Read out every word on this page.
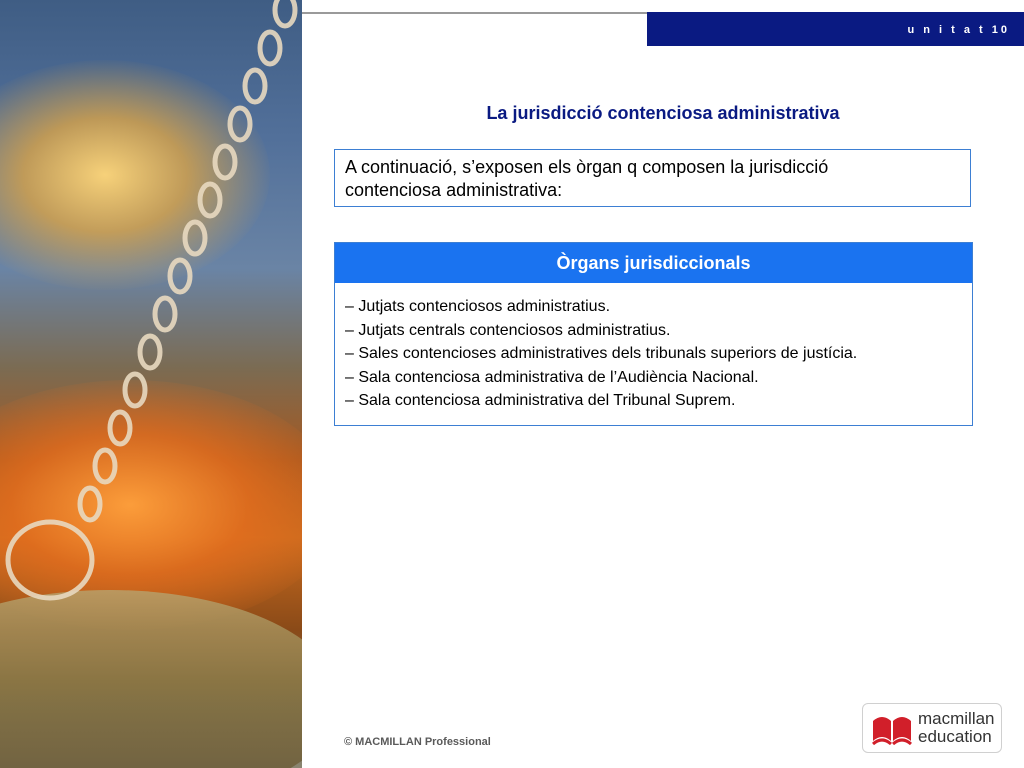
u n i t a t 10
La jurisdicció contenciosa administrativa
A continuació, s’exposen els òrgan q composen la jurisdicció
contenciosa administrativa:
Òrgans jurisdiccionals
– Jutjats contenciosos administratius.
– Jutjats centrals contenciosos administratius.
– Sales contencioses administratives dels tribunals superiors de justícia.
– Sala contenciosa administrativa de l’Audiència Nacional.
– Sala contenciosa administrativa del Tribunal Suprem.
© MACMILLAN Professional
macmillan
education
